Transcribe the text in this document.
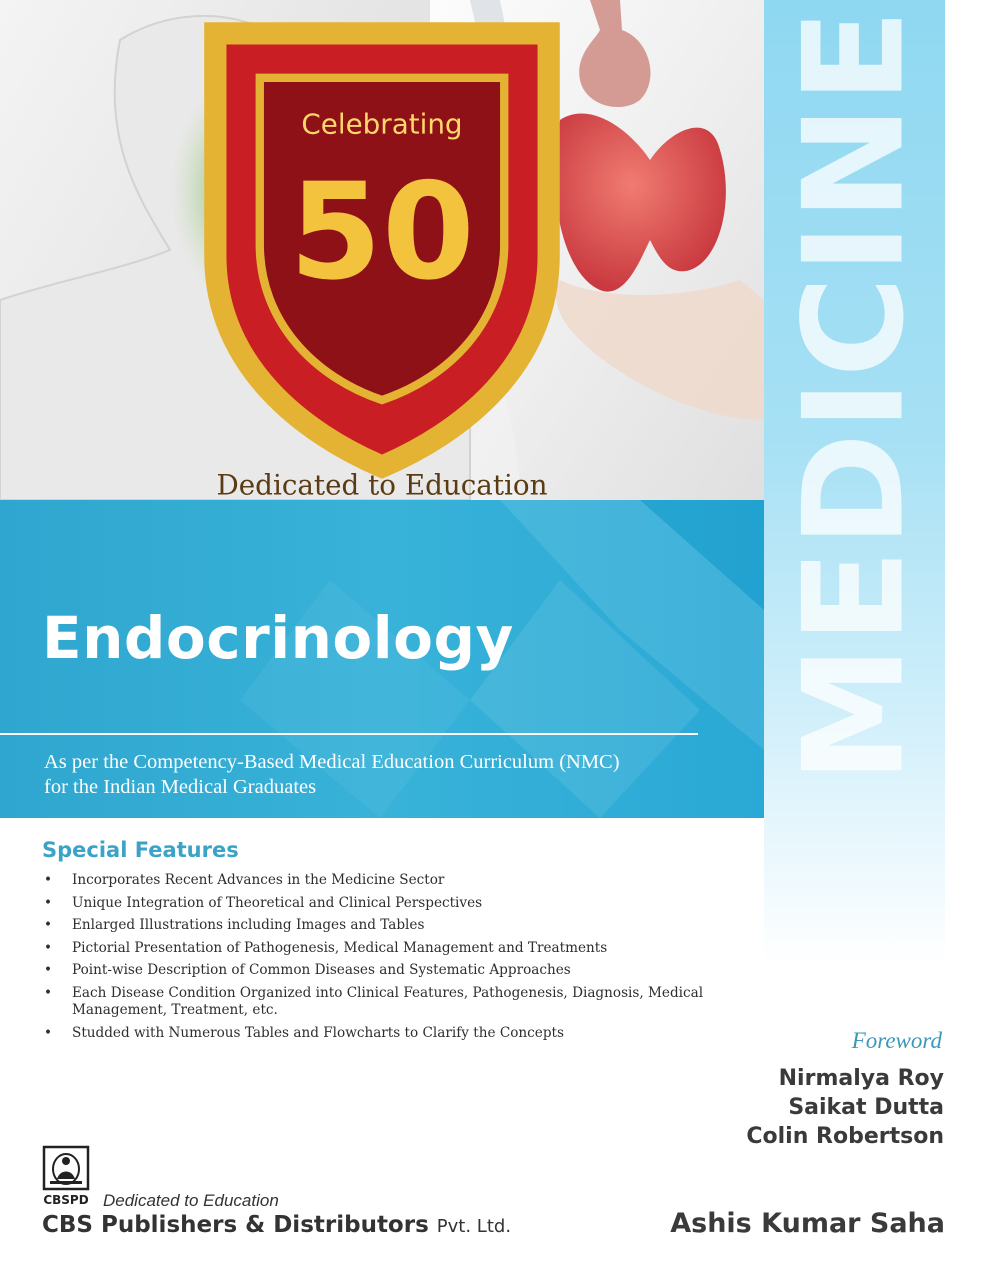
Celebrating
50
Dedicated to Education MEDICINE
Endocrinology
As per the Competency-Based Medical Education Curriculum (NMC)
for the Indian Medical Graduates
Special Features
• Incorporates Recent Advances in the Medicine Sector
• Unique Integration of Theoretical and Clinical Perspectives
• Enlarged Illustrations including Images and Tables
• Pictorial Presentation of Pathogenesis, Medical Management and Treatments
• Point-wise Description of Common Diseases and Systematic Approaches
• Each Disease Condition Organized into Clinical Features, Pathogenesis, Diagnosis, Medical Management, Treatment, etc.
• Studded with Numerous Tables and Flowcharts to Clarify the Concepts	Foreword
Nirmalya Roy
Saikat Dutta
Colin Robertson
Ashis Kumar Saha
CBSPD Dedicated to Education
CBS Publishers & Distributors Pvt. Ltd.
